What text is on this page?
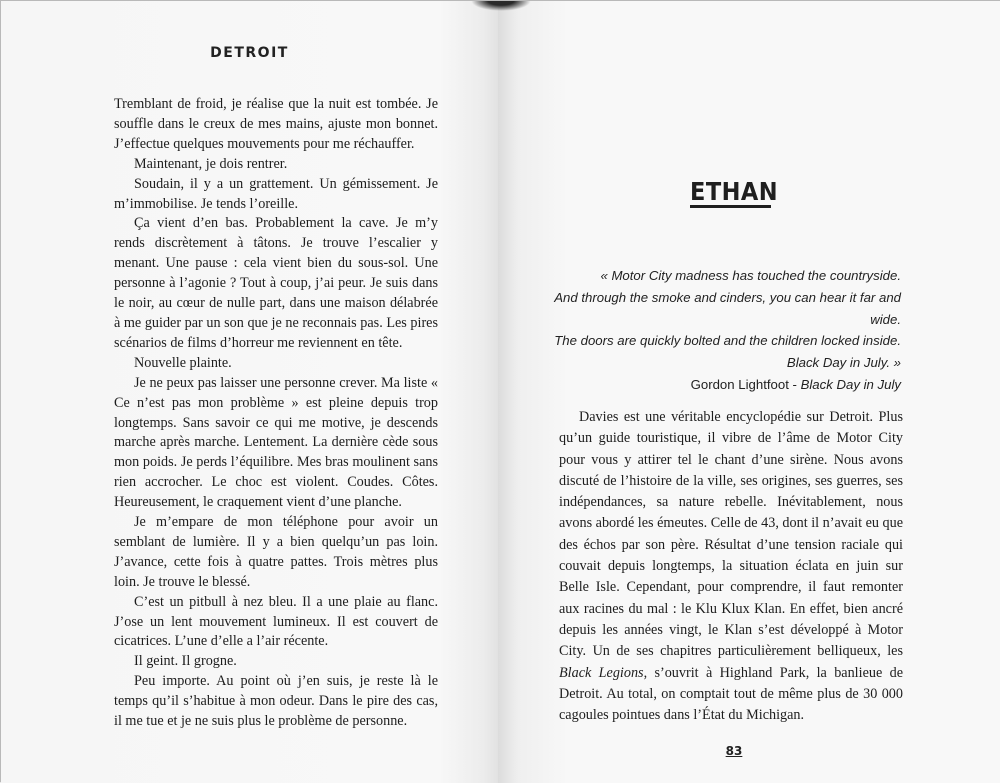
DETROIT

Tremblant de froid, je réalise que la nuit est tombée. Je souffle dans le creux de mes mains, ajuste mon bonnet. J’effectue quelques mouvements pour me réchauffer.

Maintenant, je dois rentrer.

Soudain, il y a un grattement. Un gémissement. Je m’immobilise. Je tends l’oreille.

Ça vient d’en bas. Probablement la cave. Je m’y rends discrètement à tâtons. Je trouve l’escalier y menant. Une pause : cela vient bien du sous-sol. Une personne à l’agonie ? Tout à coup, j’ai peur. Je suis dans le noir, au cœur de nulle part, dans une maison délabrée à me guider par un son que je ne reconnais pas. Les pires scénarios de films d’horreur me reviennent en tête.

Nouvelle plainte.

Je ne peux pas laisser une personne crever. Ma liste « Ce n’est pas mon problème » est pleine depuis trop longtemps. Sans savoir ce qui me motive, je descends marche après marche. Lentement. La dernière cède sous mon poids. Je perds l’équilibre. Mes bras moulinent sans rien accrocher. Le choc est violent. Coudes. Côtes. Heureusement, le craquement vient d’une planche.

Je m’empare de mon téléphone pour avoir un semblant de lumière. Il y a bien quelqu’un pas loin. J’avance, cette fois à quatre pattes. Trois mètres plus loin. Je trouve le blessé.

C’est un pitbull à nez bleu. Il a une plaie au flanc. J’ose un lent mouvement lumineux. Il est couvert de cicatrices. L’une d’elle a l’air récente.

Il geint. Il grogne.

Peu importe. Au point où j’en suis, je reste là le temps qu’il s’habitue à mon odeur. Dans le pire des cas, il me tue et je ne suis plus le problème de personne.

ETHAN
« Motor City madness has touched the countryside.
And through the smoke and cinders, you can hear it far and wide.
The doors are quickly bolted and the children locked inside.
Black Day in July. »
Gordon Lightfoot - Black Day in July

Davies est une véritable encyclopédie sur Detroit. Plus qu’un guide touristique, il vibre de l’âme de Motor City pour vous y attirer tel le chant d’une sirène. Nous avons discuté de l’histoire de la ville, ses origines, ses guerres, ses indépendances, sa nature rebelle. Inévitablement, nous avons abordé les émeutes. Celle de 43, dont il n’avait eu que des échos par son père. Résultat d’une tension raciale qui couvait depuis longtemps, la situation éclata en juin sur Belle Isle. Cependant, pour comprendre, il faut remonter aux racines du mal : le Klu Klux Klan. En effet, bien ancré depuis les années vingt, le Klan s’est développé à Motor City. Un de ses chapitres particulièrement belliqueux, les Black Legions, s’ouvrit à Highland Park, la banlieue de Detroit. Au total, on comptait tout de même plus de 30 000 cagoules pointues dans l’État du Michigan.

83
